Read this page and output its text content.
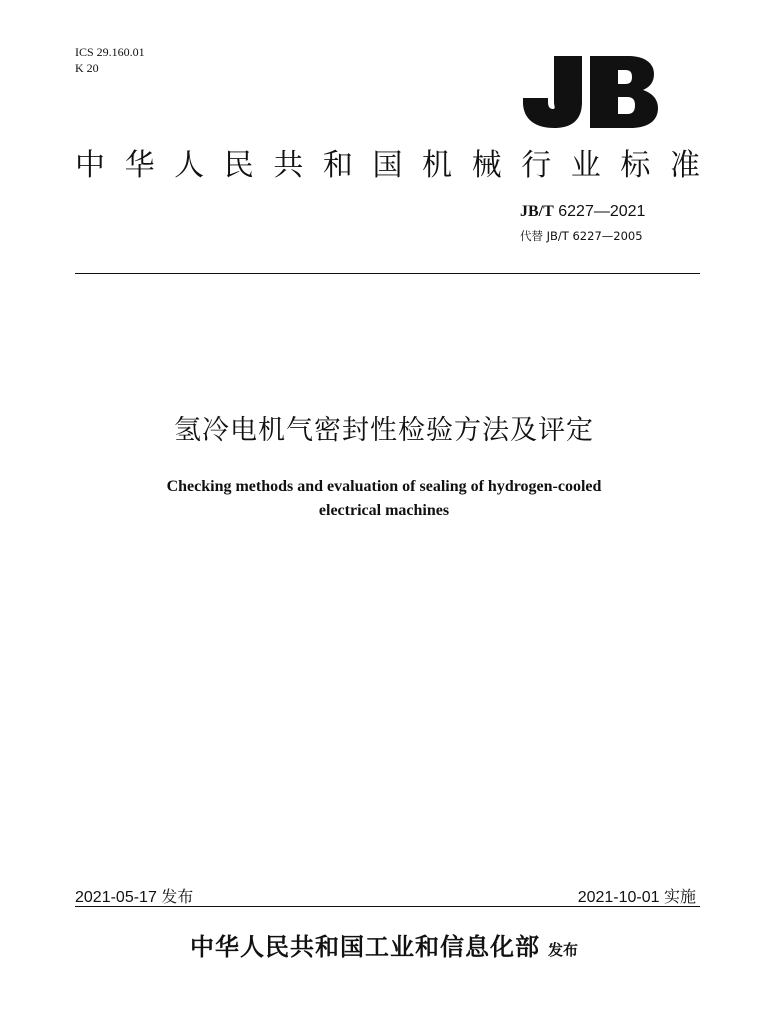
ICS 29.160.01
K 20
中 华 人 民 共 和 国 机 械 行 业 标 准
JB/T 6227—2021
代替 JB/T 6227—2005
氢冷电机气密封性检验方法及评定
Checking methods and evaluation of sealing of hydrogen-cooled
electrical machines
2021-05-17 发布	2021-10-01 实施
中华人民共和国工业和信息化部 发布
